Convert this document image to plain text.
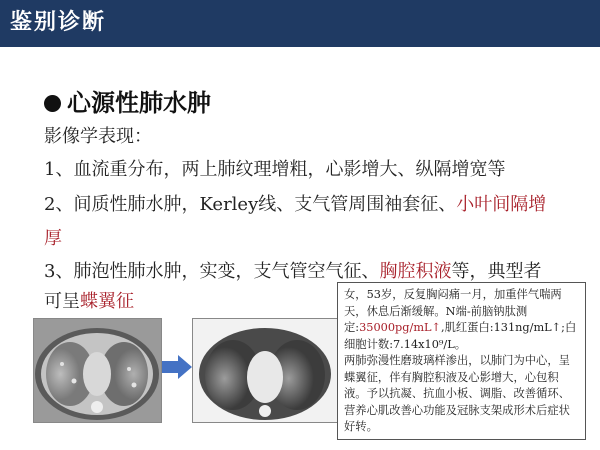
鉴别诊断
心源性肺水肿
影像学表现：
1、血流重分布，两上肺纹理增粗，心影增大、纵隔增宽等
2、间质性肺水肿，Kerley线、支气管周围袖套征、小叶间隔增
厚
3、肺泡性肺水肿，实变，支气管空气征、胸腔积液等，典型者
可呈蝶翼征	女，53岁，反复胸闷痛一月，加重伴气喘两天，休息后渐缓解。N端-前脑钠肽测定:35000pg/mL↑,肌红蛋白:131ng/mL↑;白细胞计数:7.14x10⁹/L。
两肺弥漫性磨玻璃样渗出，以肺门为中心，呈蝶翼征，伴有胸腔积液及心影增大，心包积液。予以抗凝、抗血小板、调脂、改善循环、营养心肌改善心功能及冠脉支架成形术后症状好转。
